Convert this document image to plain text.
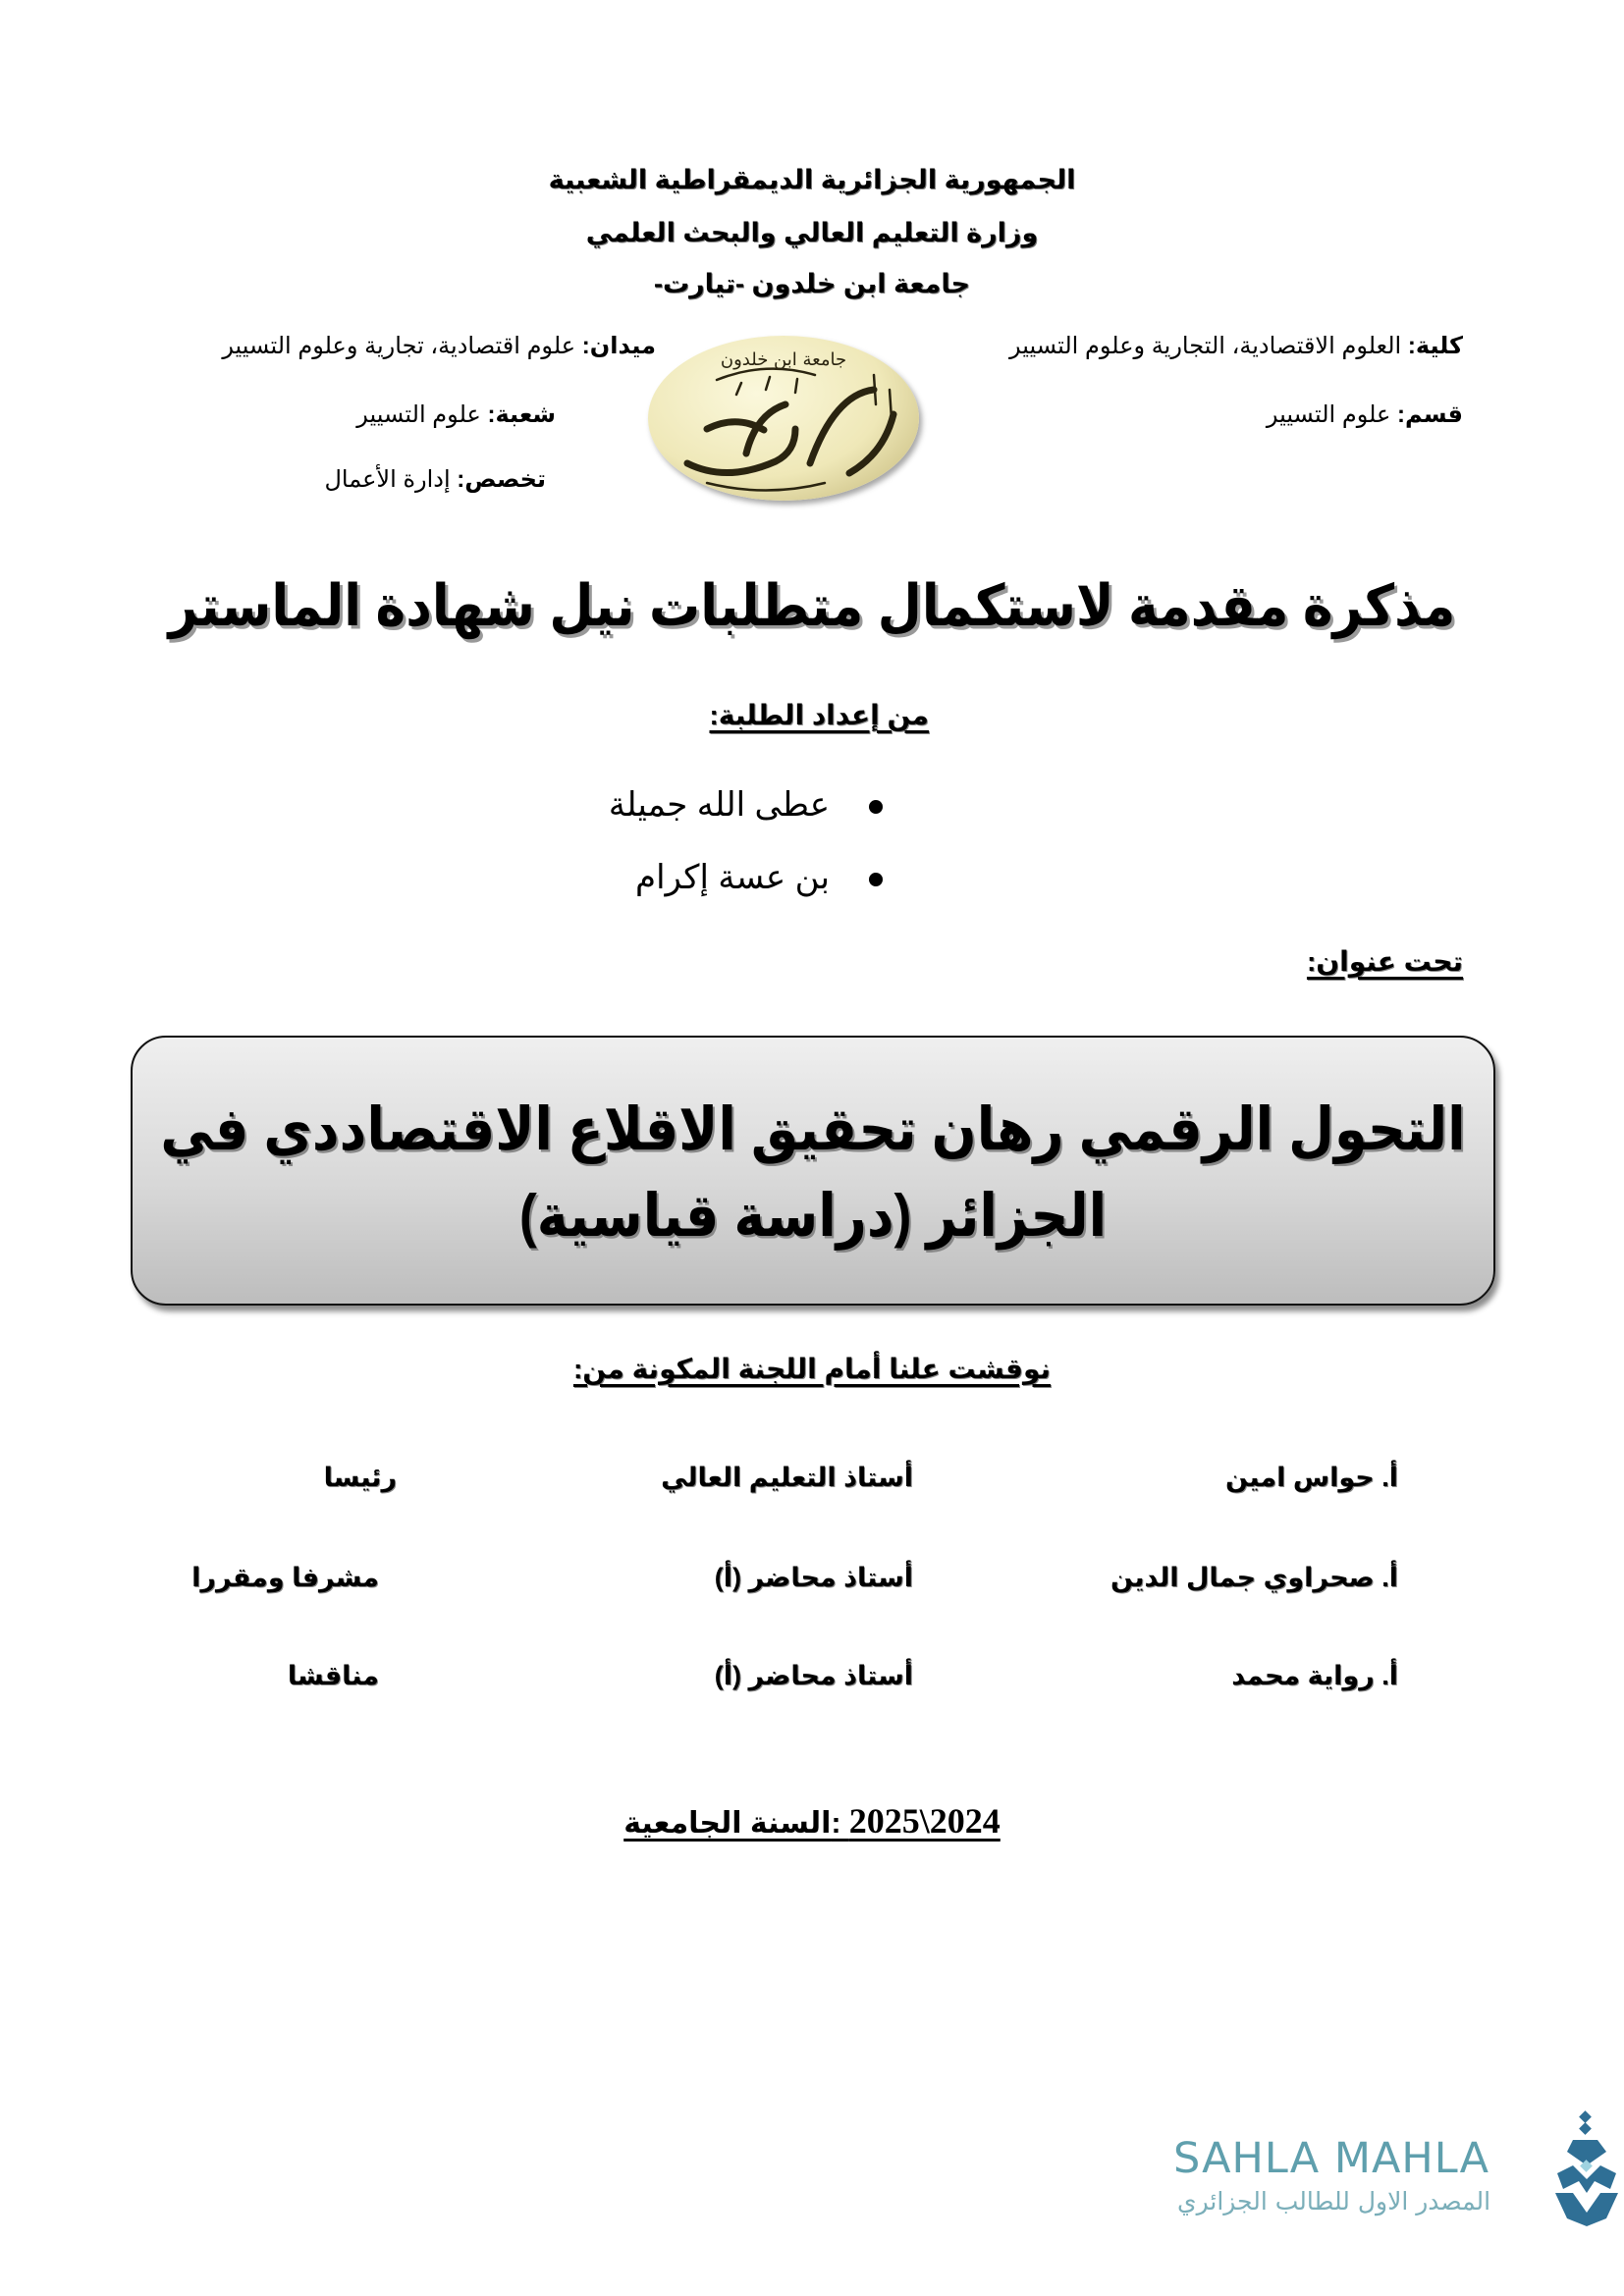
الجمهورية الجزائرية الديمقراطية الشعبية
وزارة التعليم العالي والبحث العلمي
جامعة ابن خلدون -تيارت-
كلية: العلوم الاقتصادية، التجارية وعلوم التسيير
قسم: علوم التسيير
ميدان: علوم اقتصادية، تجارية وعلوم التسيير
شعبة: علوم التسيير
تخصص: إدارة الأعمال
جامعة ابن خلدون
مذكرة مقدمة لاستكمال متطلبات نيل شهادة الماستر
من إعداد الطلبة:
عطى الله جميلة
بن عسة إكرام
تحت عنوان:
التحول الرقمي رهان تحقيق الاقلاع الاقتصاددي في
الجزائر (دراسة قياسية)
نوقشت علنا أمام اللجنة المكونة من:
أ. حواس امين
أستاذ التعليم العالي
رئيسا
أ. صحراوي جمال الدين
أستاذ محاضر (أ)
مشرفا ومقررا
أ. رواية محمد
أستاذ محاضر (أ)
مناقشا
السنة الجامعية: 2025\2024
SAHLA MAHLA
المصدر الاول للطالب الجزائري
